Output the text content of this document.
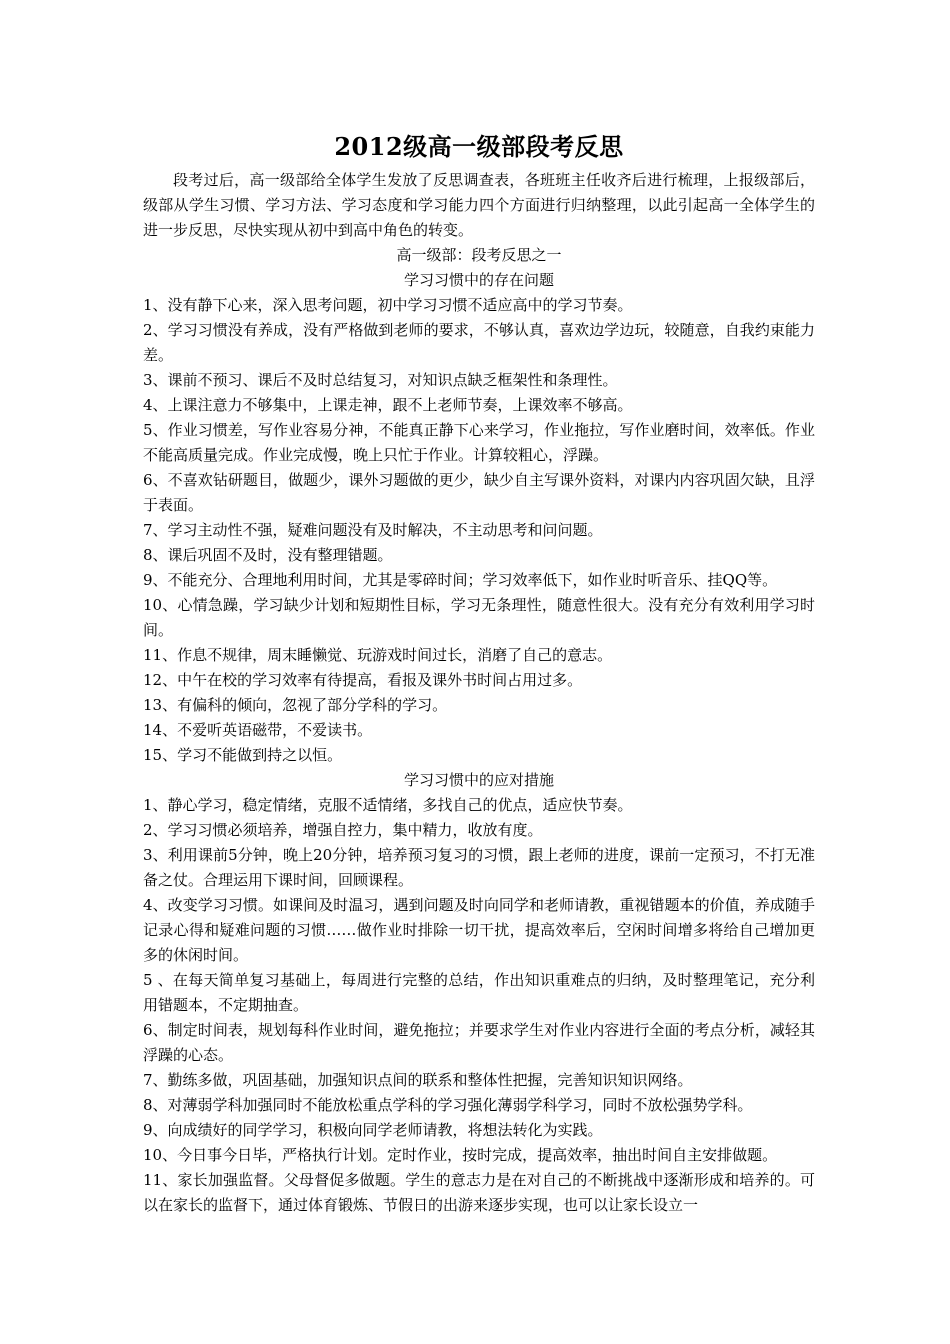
2012级高一级部段考反思

段考过后，高一级部给全体学生发放了反思调查表，各班班主任收齐后进行梳理，上报级部后，级部从学生习惯、学习方法、学习态度和学习能力四个方面进行归纳整理，以此引起高一全体学生的进一步反思，尽快实现从初中到高中角色的转变。

高一级部：段考反思之一

学习习惯中的存在问题

1、没有静下心来，深入思考问题，初中学习习惯不适应高中的学习节奏。

2、学习习惯没有养成，没有严格做到老师的要求，不够认真，喜欢边学边玩，较随意，自我约束能力差。

3、课前不预习、课后不及时总结复习，对知识点缺乏框架性和条理性。

4、上课注意力不够集中，上课走神，跟不上老师节奏，上课效率不够高。

5、作业习惯差，写作业容易分神，不能真正静下心来学习，作业拖拉，写作业磨时间，效率低。作业不能高质量完成。作业完成慢，晚上只忙于作业。计算较粗心，浮躁。

6、不喜欢钻研题目，做题少，课外习题做的更少，缺少自主写课外资料，对课内内容巩固欠缺，且浮于表面。

7、学习主动性不强，疑难问题没有及时解决，不主动思考和问问题。

8、课后巩固不及时，没有整理错题。

9、不能充分、合理地利用时间，尤其是零碎时间；学习效率低下，如作业时听音乐、挂QQ等。

10、心情急躁，学习缺少计划和短期性目标，学习无条理性，随意性很大。没有充分有效利用学习时间。

11、作息不规律，周末睡懒觉、玩游戏时间过长，消磨了自己的意志。

12、中午在校的学习效率有待提高，看报及课外书时间占用过多。

13、有偏科的倾向，忽视了部分学科的学习。

14、不爱听英语磁带，不爱读书。

15、学习不能做到持之以恒。

学习习惯中的应对措施

1、静心学习，稳定情绪，克服不适情绪，多找自己的优点，适应快节奏。

2、学习习惯必须培养，增强自控力，集中精力，收放有度。

3、利用课前5分钟，晚上20分钟，培养预习复习的习惯，跟上老师的进度，课前一定预习，不打无准备之仗。合理运用下课时间，回顾课程。

4、改变学习习惯。如课间及时温习，遇到问题及时向同学和老师请教，重视错题本的价值，养成随手记录心得和疑难问题的习惯……做作业时排除一切干扰，提高效率后，空闲时间增多将给自己增加更多的休闲时间。

5 、在每天简单复习基础上，每周进行完整的总结，作出知识重难点的归纳，及时整理笔记，充分利用错题本，不定期抽查。

6、制定时间表，规划每科作业时间，避免拖拉；并要求学生对作业内容进行全面的考点分析，减轻其浮躁的心态。

7、勤练多做，巩固基础，加强知识点间的联系和整体性把握，完善知识知识网络。

8、对薄弱学科加强同时不能放松重点学科的学习强化薄弱学科学习，同时不放松强势学科。

9、向成绩好的同学学习，积极向同学老师请教，将想法转化为实践。

10、今日事今日毕，严格执行计划。定时作业，按时完成，提高效率，抽出时间自主安排做题。

11、家长加强监督。父母督促多做题。学生的意志力是在对自己的不断挑战中逐渐形成和培养的。可以在家长的监督下，通过体育锻炼、节假日的出游来逐步实现，也可以让家长设立一
